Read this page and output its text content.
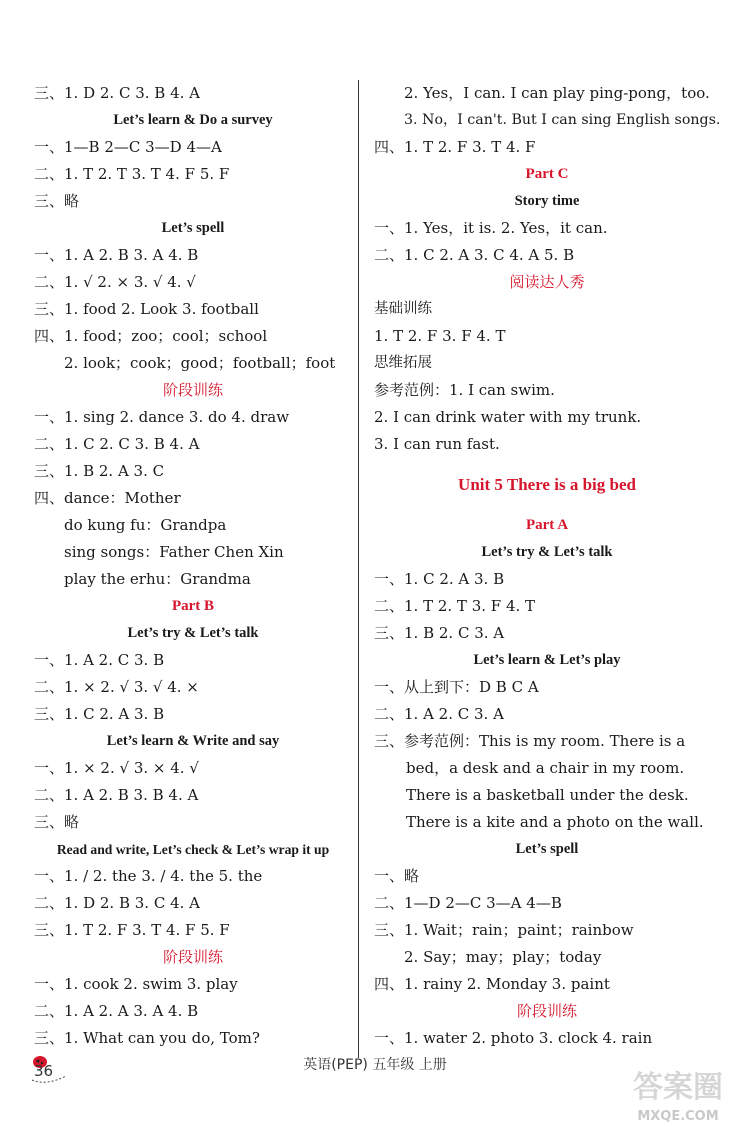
三、1. D 2. C 3. B 4. A
Let’s learn & Do a survey
一、1—B 2—C 3—D 4—A
二、1. T 2. T 3. T 4. F 5. F
三、略
Let’s spell
一、1. A 2. B 3. A 4. B
二、1. √ 2. × 3. √ 4. √
三、1. food 2. Look 3. football
四、1. food；zoo；cool；school
2. look；cook；good；football；foot
阶段训练
一、1. sing 2. dance 3. do 4. draw
二、1. C 2. C 3. B 4. A
三、1. B 2. A 3. C
四、dance：Mother
do kung fu：Grandpa
sing songs：Father Chen Xin
play the erhu：Grandma
Part B
Let’s try & Let’s talk
一、1. A 2. C 3. B
二、1. × 2. √ 3. √ 4. ×
三、1. C 2. A 3. B
Let’s learn & Write and say
一、1. × 2. √ 3. × 4. √
二、1. A 2. B 3. B 4. A
三、略
Read and write, Let’s check & Let’s wrap it up
一、1. / 2. the 3. / 4. the 5. the
二、1. D 2. B 3. C 4. A
三、1. T 2. F 3. T 4. F 5. F
阶段训练
一、1. cook 2. swim 3. play
二、1. A 2. A 3. A 4. B
三、1. What can you do, Tom?
2. Yes，I can. I can play ping-pong，too.
3. No，I can't. But I can sing English songs.
四、1. T 2. F 3. T 4. F
Part C
Story time
一、1. Yes，it is. 2. Yes，it can.
二、1. C 2. A 3. C 4. A 5. B
阅读达人秀
基础训练
1. T 2. F 3. F 4. T
思维拓展
参考范例：1. I can swim.
2. I can drink water with my trunk.
3. I can run fast.
Unit 5 There is a big bed
Part A
Let’s try & Let’s talk
一、1. C 2. A 3. B
二、1. T 2. T 3. F 4. T
三、1. B 2. C 3. A
Let’s learn & Let’s play
一、从上到下：D B C A
二、1. A 2. C 3. A
三、参考范例：This is my room. There is a
bed，a desk and a chair in my room.
There is a basketball under the desk.
There is a kite and a photo on the wall.
Let’s spell
一、略
二、1—D 2—C 3—A 4—B
三、1. Wait；rain；paint；rainbow
2. Say；may；play；today
四、1. rainy 2. Monday 3. paint
阶段训练
一、1. water 2. photo 3. clock 4. rain
36	英语(PEP) 五年级 上册
答案圈
MXQE.COM
